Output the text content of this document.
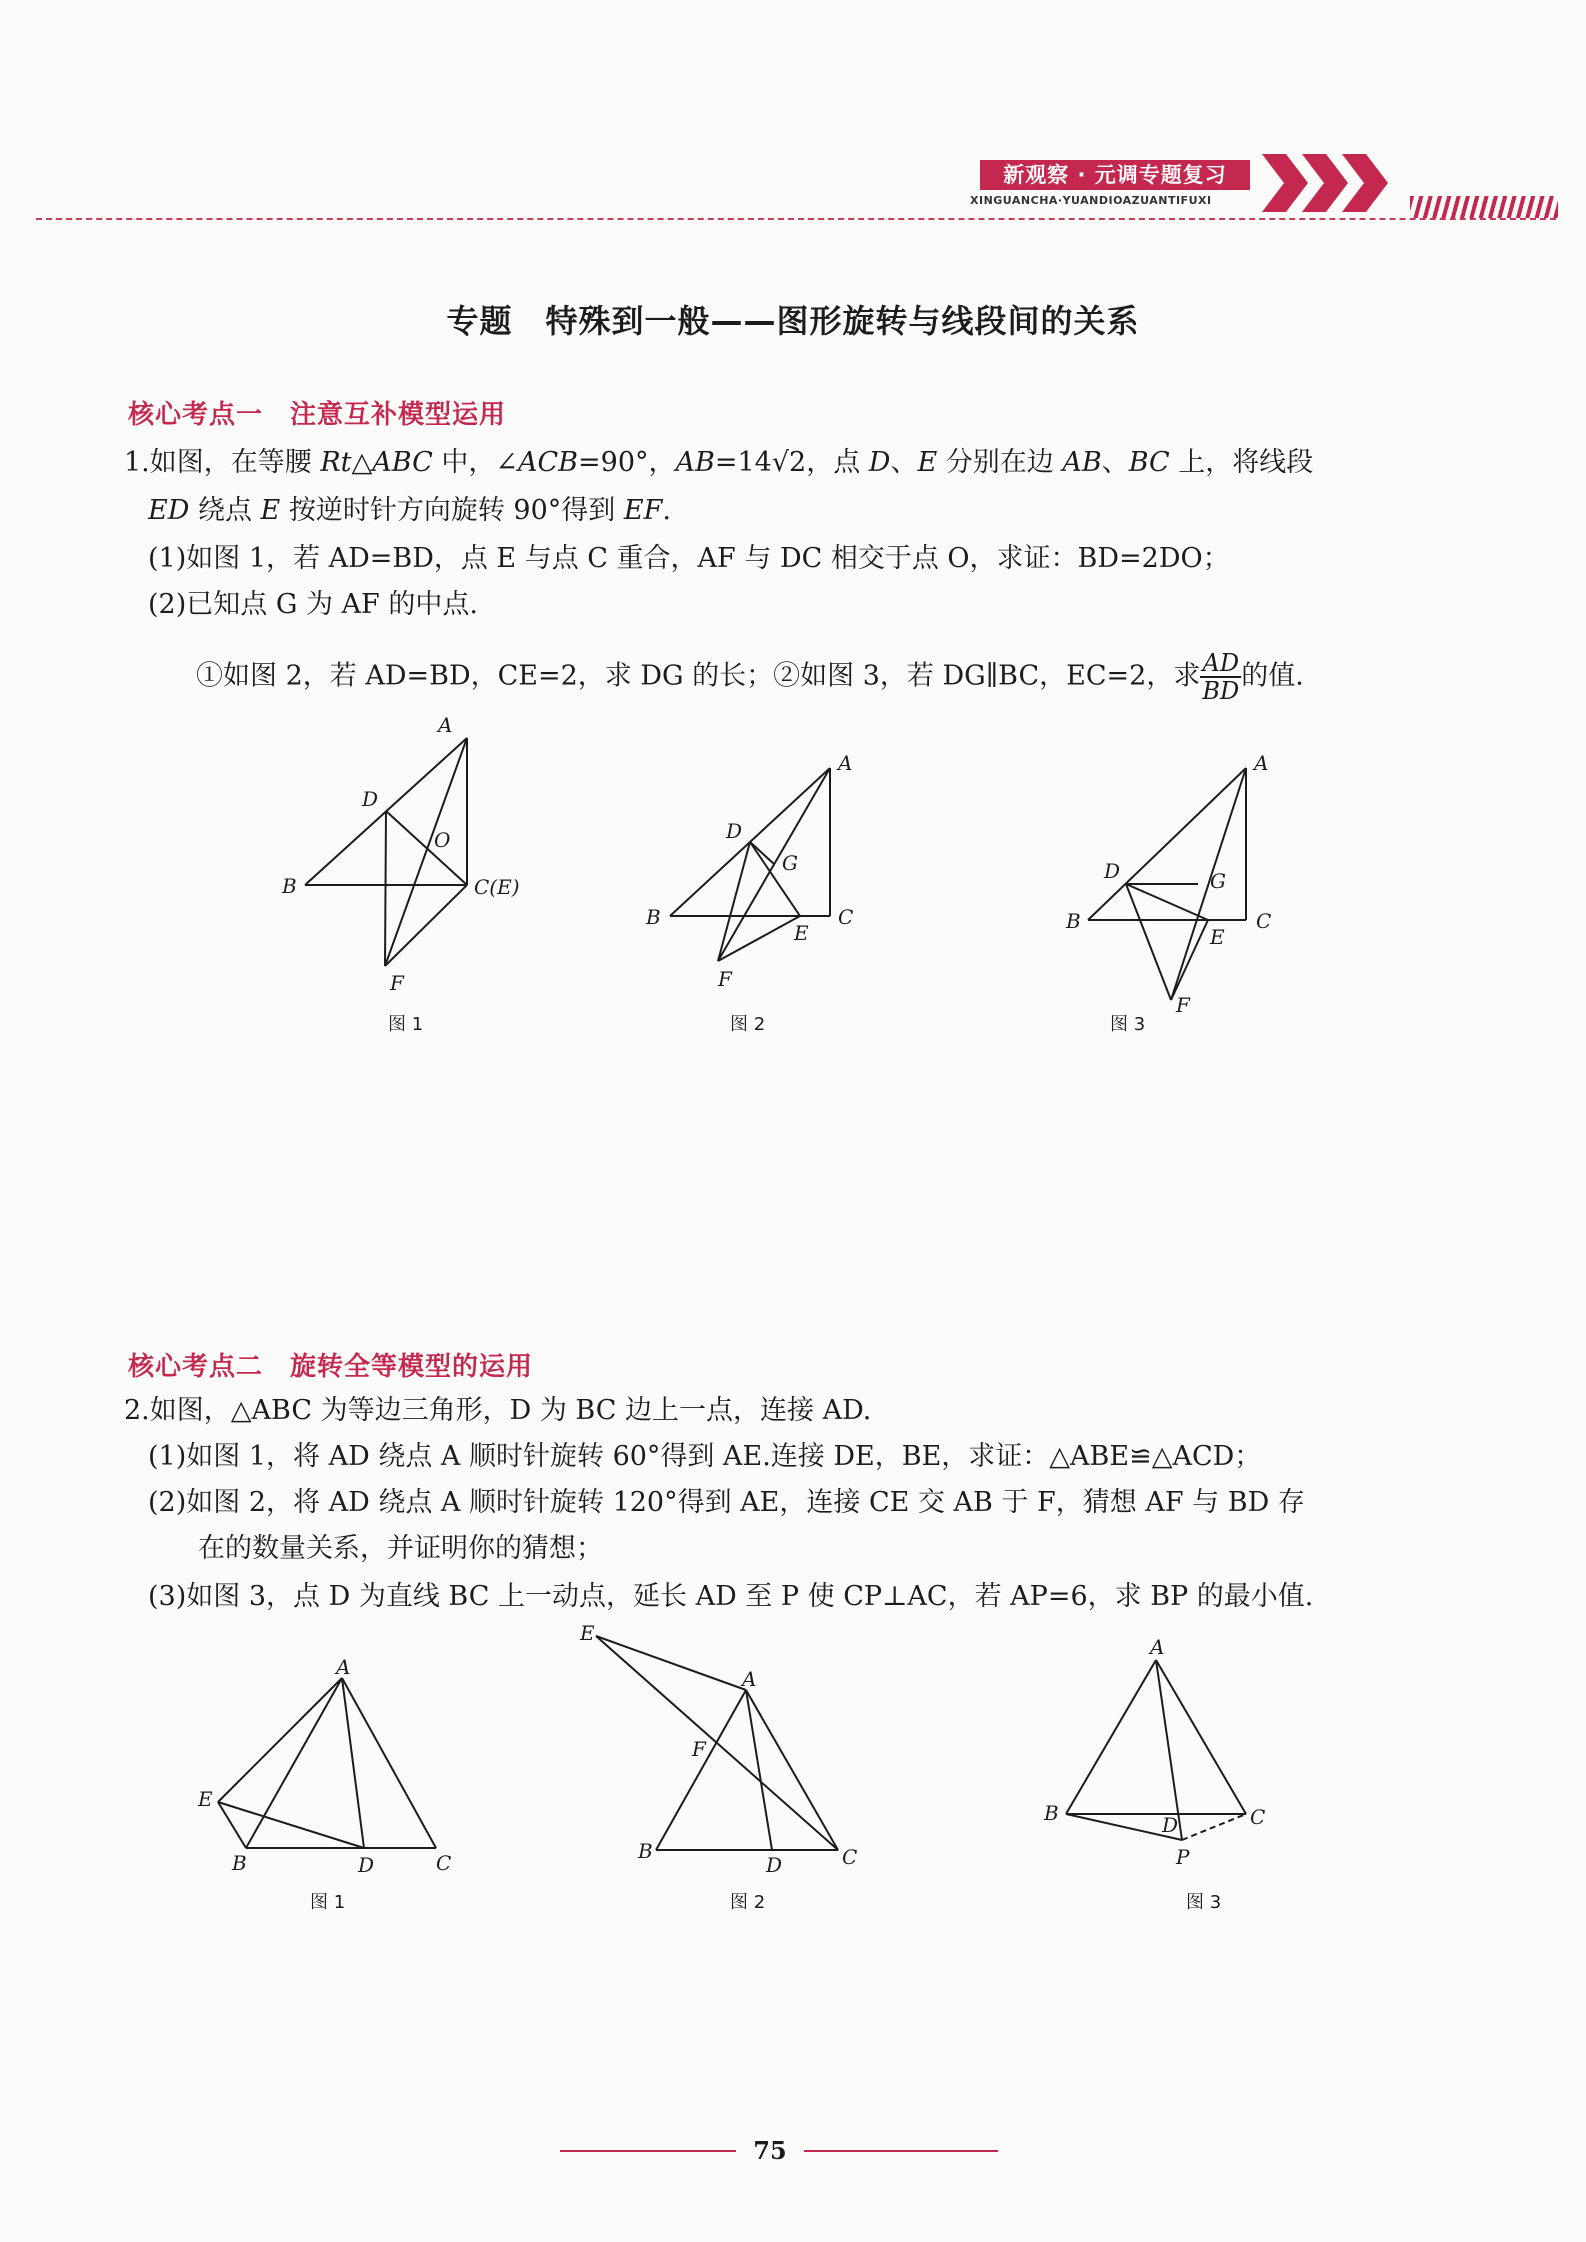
新观察 · 元调专题复习
XINGUANCHA·YUANDIOAZUANTIFUXI
专题　特殊到一般——图形旋转与线段间的关系
核心考点一　注意互补模型运用
1.如图，在等腰 Rt△ABC 中，∠ACB=90°，AB=14√2，点 D、E 分别在边 AB、BC 上，将线段
ED 绕点 E 按逆时针方向旋转 90°得到 EF.
(1)如图 1，若 AD=BD，点 E 与点 C 重合，AF 与 DC 相交于点 O，求证：BD=2DO；
(2)已知点 G 为 AF 的中点.
①如图 2，若 AD=BD，CE=2，求 DG 的长；②如图 3，若 DG∥BC，EC=2，求 $\frac{AD}{BD}$ 的值.
A
B	C(E)
D
O
F
图 1
A
B	C
D
G
E
F
图 2
A
B	C
D	G
E
F
图 3
核心考点二　旋转全等模型的运用
2.如图，△ABC 为等边三角形，D 为 BC 边上一点，连接 AD.
(1)如图 1，将 AD 绕点 A 顺时针旋转 60°得到 AE.连接 DE，BE，求证：△ABE≌△ACD；
(2)如图 2，将 AD 绕点 A 顺时针旋转 120°得到 AE，连接 CE 交 AB 于 F，猜想 AF 与 BD 存
在的数量关系，并证明你的猜想；
(3)如图 3，点 D 为直线 BC 上一动点，延长 AD 至 P 使 CP⊥AC，若 AP=6，求 BP 的最小值.
A
B	C
D
E
图 1
A
B	C
D
E
F
图 2
A
B	C
D
P
图 3
75
